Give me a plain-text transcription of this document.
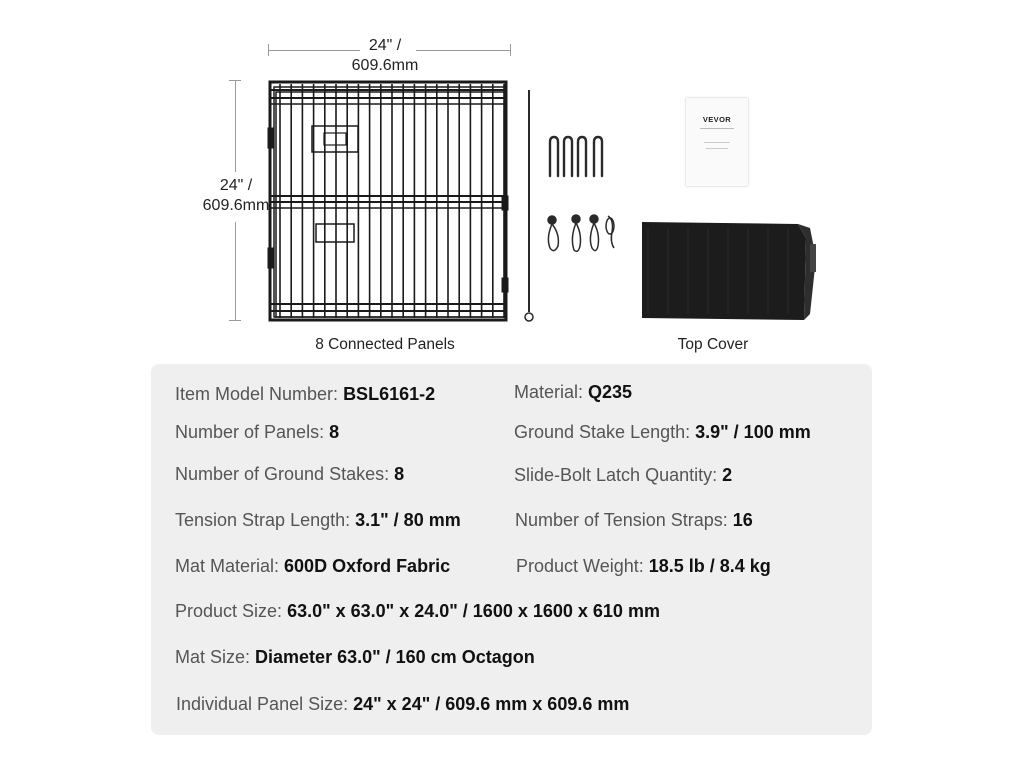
24" /
609.6mm
24" /
609.6mm
VEVOR
8 Connected Panels	Top Cover
Item Model Number: BSL6161-2	Material: Q235
Number of Panels: 8	Ground Stake Length: 3.9" / 100 mm
Number of Ground Stakes: 8	Slide-Bolt Latch Quantity: 2
Tension Strap Length: 3.1" / 80 mm	Number of Tension Straps: 16
Mat Material: 600D Oxford Fabric	Product Weight: 18.5 lb / 8.4 kg
Product Size: 63.0" x 63.0" x 24.0" / 1600 x 1600 x 610 mm
Mat Size: Diameter 63.0" / 160 cm Octagon
Individual Panel Size: 24" x 24" / 609.6 mm x 609.6 mm
